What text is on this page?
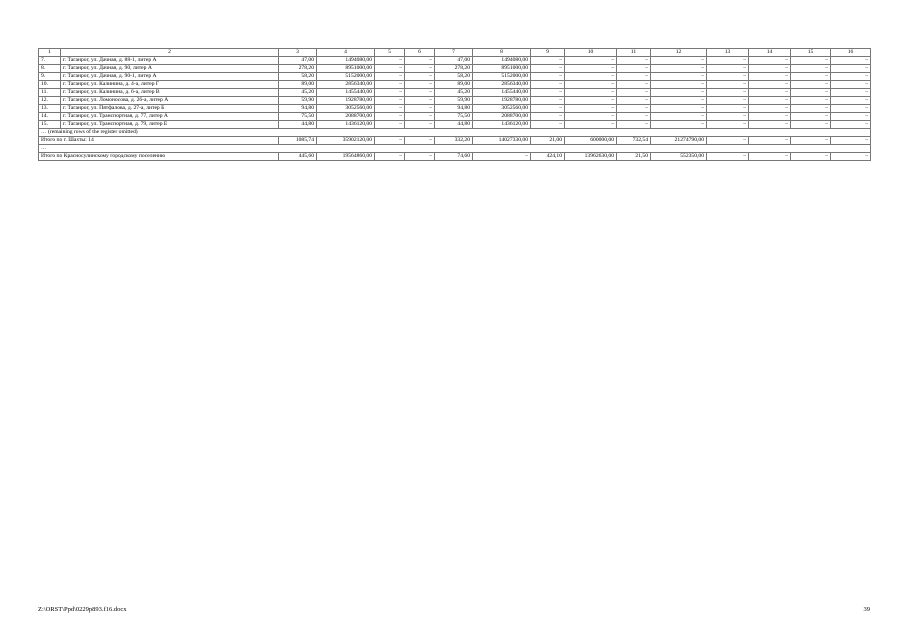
1	2	3	4	5	6	7	8	9	10	11	12	13	14	15	16
7.	г. Таганрог, ул. Дачная, д. 88-1, литер А	47,00	1494080,00	–	–	47,00	1494080,00	–	–	–	–	–	–	–	–
8.	г. Таганрог, ул. Дачная, д. 90, литер А	278,20	8951000,00	–	–	278,20	8951000,00	–	–	–	–	–	–	–	–
9.	г. Таганрог, ул. Дачная, д. 90-1, литер А	58,20	5152000,00	–	–	58,20	5152000,00	–	–	–	–	–	–	–	–
10.	г. Таганрог, ул. Калинина, д. 4-а, литер Г	89,00	2856340,00	–	–	89,00	2856340,00	–	–	–	–	–	–	–	–
11.	г. Таганрог, ул. Калинина, д. 6-а, литер В	45,20	1455440,00	–	–	45,20	1455440,00	–	–	–	–	–	–	–	–
12.	г. Таганрог, ул. Ломоносова, д. 26-а, литер А	59,90	1928780,00	–	–	59,90	1928780,00	–	–	–	–	–	–	–	–
13.	г. Таганрог, ул. Пятфалова, д. 27-а, литер Б	94,80	3052560,00	–	–	94,80	3052560,00	–	–	–	–	–	–	–	–
14.	г. Таганрог, ул. Транспортная, д. 77, литер А	75,50	2088700,00	–	–	75,50	2088700,00	–	–	–	–	–	–	–	–
15.	г. Таганрог, ул. Транспортная, д. 79, литер Е	44,80	1436120,00	–	–	44,80	1436120,00	–	–	–	–	–	–	–	–
… (remaining rows of the register omitted)															
Итого по г. Шахты: 14		1085,74	35902120,00	–	–	332,20	14027330,00	21,00	600000,00	732,54	21274790,00	–	–	–	–
…															
Итого по Красносулинскому городскому поселению		445,60	19564860,00	–	–	74,60	–	424,10	13962630,00	21,50	552350,00	–	–	–	–
Z:\ORST\Ppd\0229p893.f16.docx	39
